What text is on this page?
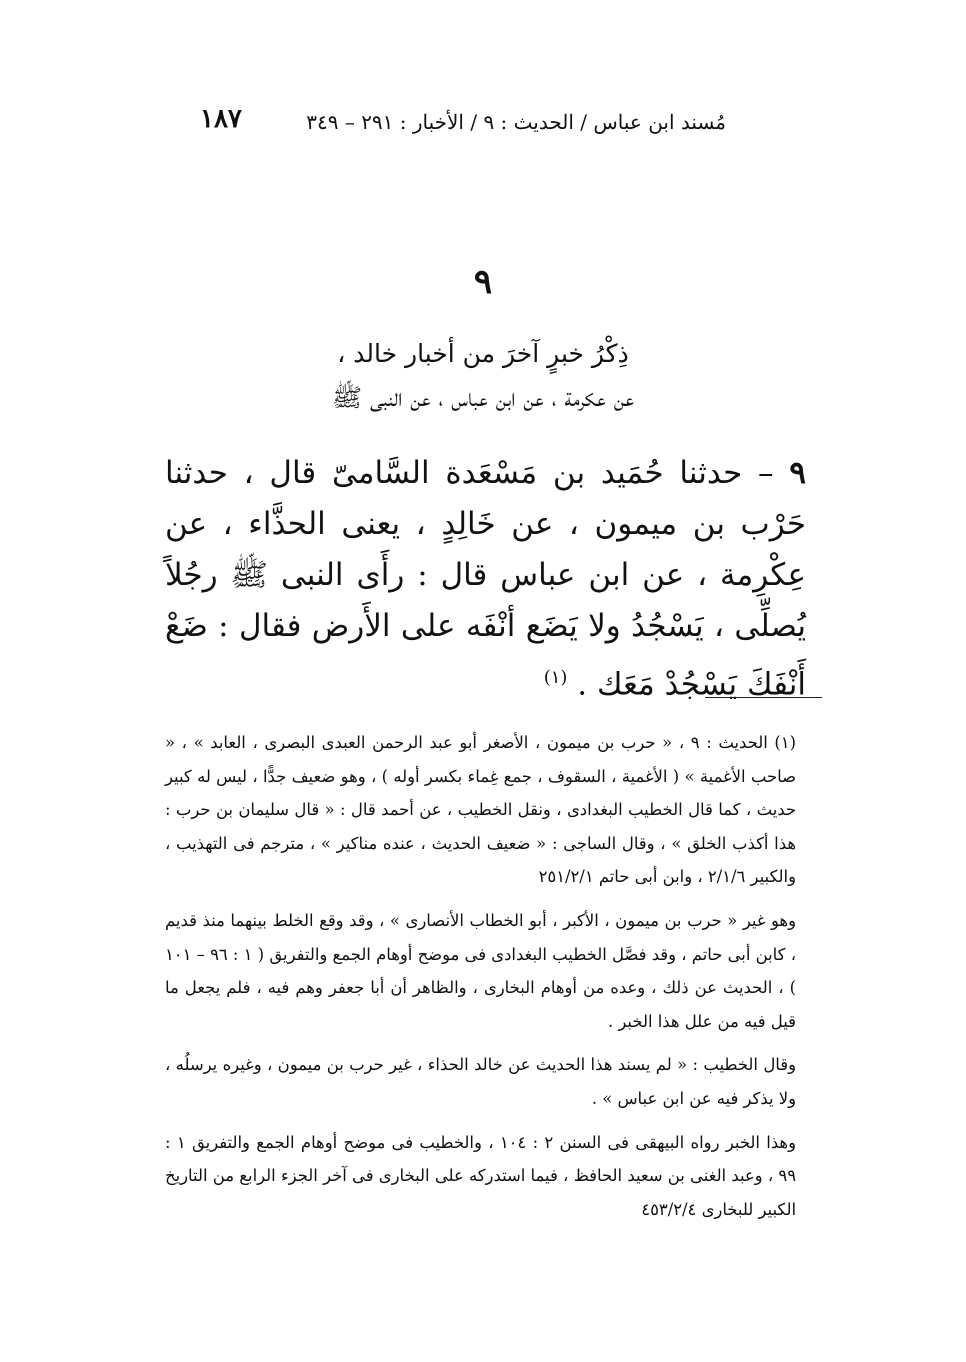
مُسند ابن عباس / الحديث : ٩ / الأخبار : ٢٩١ – ٣٤٩
١٨٧
٩
ذِكْرُ خبرٍ آخرَ من أخبار خالد ،
عن عكرمة ، عن ابن عباس ، عن النبى ﷺ
٩ – حدثنا حُمَيد بن مَسْعَدة السَّامىّ قال ، حدثنا حَرْب بن ميمون ، عن خَالِدٍ ، يعنى الحذَّاء ، عن عِكْرِمة ، عن ابن عباس قال : رأَى النبى ﷺ رجُلاً يُصلِّى ، يَسْجُدُ ولا يَضَع أنْفَه على الأَرض فقال : ضَعْ أَنْفَكَ يَسْجُدْ مَعَك . $^{(١)}$

(١) الحديث : ٩ ، « حرب بن ميمون ، الأصغر أبو عبد الرحمن العبدى البصرى ، العابد » ، « صاحب الأغمية » ( الأغمية ، السقوف ، جمع غِماء بكسر أوله ) ، وهو ضعيف جدًّا ، ليس له كبير حديث ، كما قال الخطيب البغدادى ، ونقل الخطيب ، عن أحمد قال : « قال سليمان بن حرب : هذا أكذب الخلق » ، وقال الساجى : « ضعيف الحديث ، عنده مناكير » ، مترجم فى التهذيب ، والكبير ٢/١/٦ ، وابن أبى حاتم ٢٥١/٢/١

وهو غير « حرب بن ميمون ، الأكبر ، أبو الخطاب الأنصارى » ، وقد وقع الخلط بينهما منذ قديم ، كابن أبى حاتم ، وقد فصَّل الخطيب البغدادى فى موضح أوهام الجمع والتفريق ( ١ : ٩٦ – ١٠١ ) ، الحديث عن ذلك ، وعده من أوهام البخارى ، والظاهر أن أبا جعفر وهم فيه ، فلم يجعل ما قيل فيه من علل هذا الخبر .

وقال الخطيب : « لم يسند هذا الحديث عن خالد الحذاء ، غير حرب بن ميمون ، وغيره يرسلُه ، ولا يذكر فيه عن ابن عباس » .

وهذا الخبر رواه البيهقى فى السنن ٢ : ١٠٤ ، والخطيب فى موضح أوهام الجمع والتفريق ١ : ٩٩ ، وعبد الغنى بن سعيد الحافظ ، فيما استدركه على البخارى فى آخر الجزء الرابع من التاريخ الكبير للبخارى ٤٥٣/٢/٤
